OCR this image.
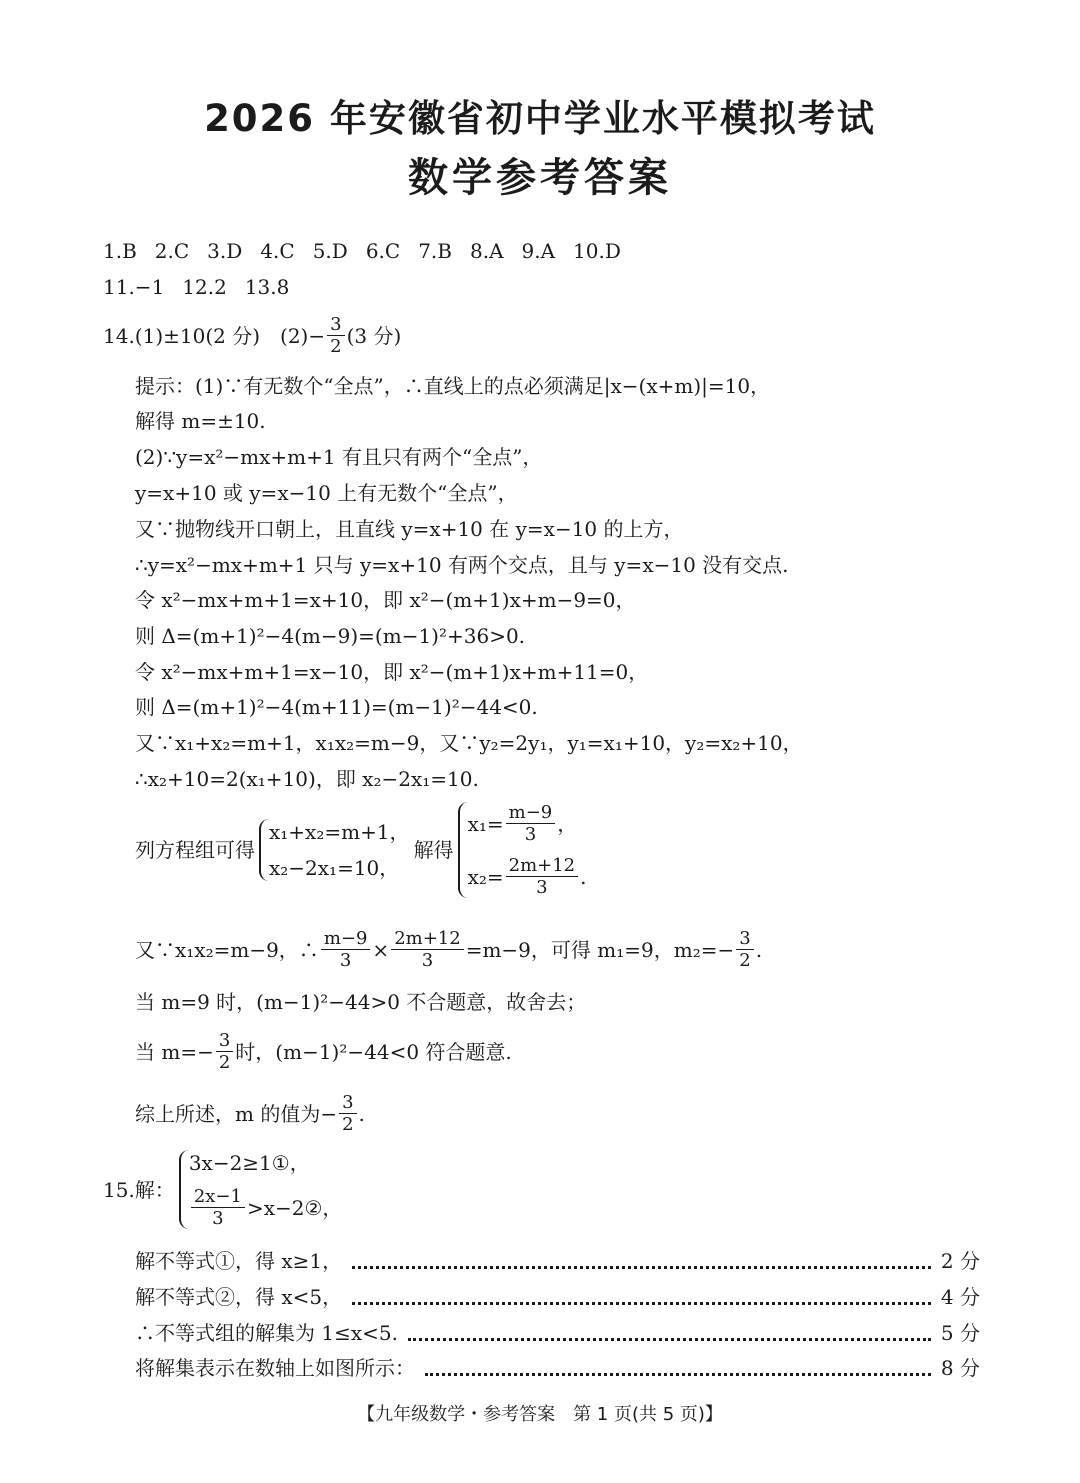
2026 年安徽省初中学业水平模拟考试
数学参考答案
1.B 2.C 3.D 4.C 5.D 6.C 7.B 8.A 9.A 10.D
11.−1 12.2 13.8
14.(1)±10(2 分)　$(2)- \frac{3}{2} (3$ 分)
提示：(1)∵有无数个“全点”，∴直线上的点必须满足|x−(x+m)|=10，
解得 m=±10.
(2)∵y=x²−mx+m+1 有且只有两个“全点”，
y=x+10 或 y=x−10 上有无数个“全点”，
又∵抛物线开口朝上，且直线 y=x+10 在 y=x−10 的上方，
∴y=x²−mx+m+1 只与 y=x+10 有两个交点，且与 y=x−10 没有交点.
令 x²−mx+m+1=x+10，即 x²−(m+1)x+m−9=0，
则 Δ=(m+1)²−4(m−9)=(m−1)²+36>0.
令 x²−mx+m+1=x−10，即 x²−(m+1)x+m+11=0，
则 Δ=(m+1)²−4(m+11)=(m−1)²−44<0.
又∵x₁+x₂=m+1，x₁x₂=m−9，又∵y₂=2y₁，y₁=x₁+10，y₂=x₂+10，
∴x₂+10=2(x₁+10)，即 x₂−2x₁=10.
列方程组可得
x₁+x₂=m+1，
x₂−2x₁=10，
解得
$x_1= \frac{m-9}{3}$ ，
$x_2= \frac{2m+12}{3}$ .
又∵x₁x₂=m−9，∴ $\frac{m-9}{3} \times \frac{2m+12}{3} =m-9$，可得 m₁=9，$m_2=- \frac{3}{2}$ .
当 m=9 时，(m−1)²−44>0 不合题意，故舍去；
当 $m=- \frac{3}{2}$ 时，(m−1)²−44<0 符合题意.
综上所述，m 的值为− $\frac{3}{2}$ .
15.解：
3x−2≥1①，
$\frac{2x-1}{3}$ >x−2②，
解不等式①，得 x≥1，	2 分
解不等式②，得 x<5，	4 分
∴不等式组的解集为 1≤x<5.	5 分
将解集表示在数轴上如图所示：	8 分
【九年级数学・参考答案　第 1 页(共 5 页)】
